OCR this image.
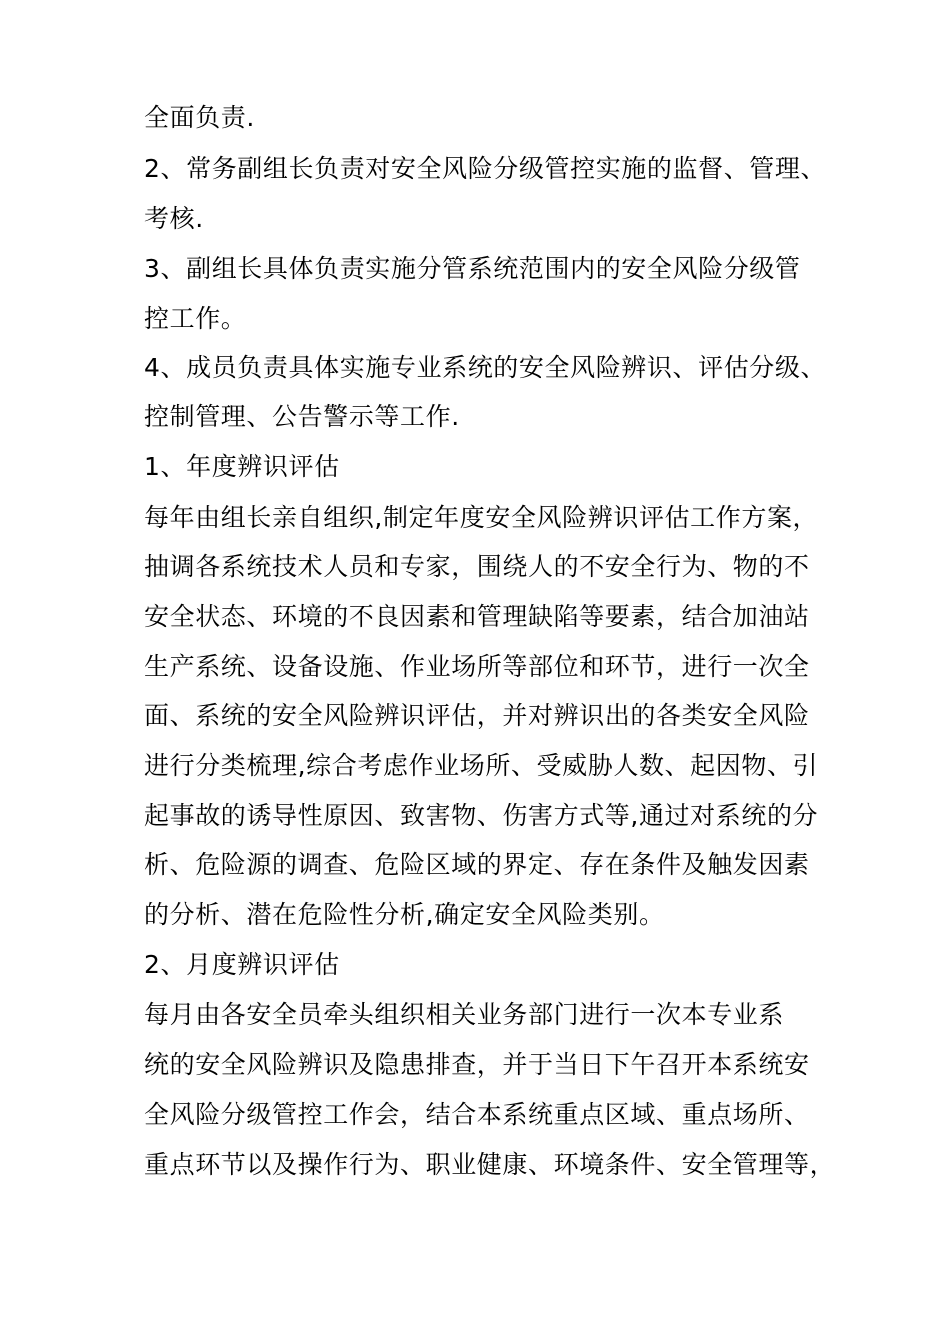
全面负责.
2、常务副组长负责对安全风险分级管控实施的监督、管理、
考核.
3、副组长具体负责实施分管系统范围内的安全风险分级管
控工作。
4、成员负责具体实施专业系统的安全风险辨识、评估分级、
控制管理、公告警示等工作.
1、年度辨识评估
每年由组长亲自组织,制定年度安全风险辨识评估工作方案，
抽调各系统技术人员和专家，围绕人的不安全行为、物的不
安全状态、环境的不良因素和管理缺陷等要素，结合加油站
生产系统、设备设施、作业场所等部位和环节，进行一次全
面、系统的安全风险辨识评估，并对辨识出的各类安全风险
进行分类梳理,综合考虑作业场所、受威胁人数、起因物、引
起事故的诱导性原因、致害物、伤害方式等,通过对系统的分
析、危险源的调查、危险区域的界定、存在条件及触发因素
的分析、潜在危险性分析,确定安全风险类别。
2、月度辨识评估
每月由各安全员牵头组织相关业务部门进行一次本专业系
统的安全风险辨识及隐患排查，并于当日下午召开本系统安
全风险分级管控工作会，结合本系统重点区域、重点场所、
重点环节以及操作行为、职业健康、环境条件、安全管理等，
